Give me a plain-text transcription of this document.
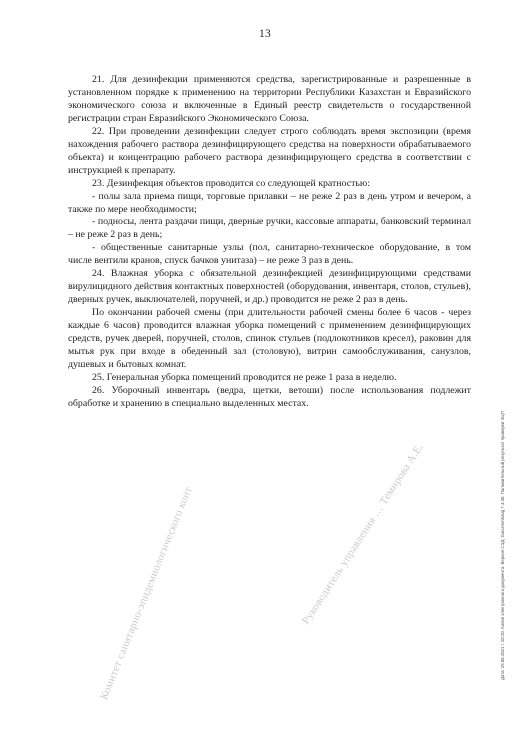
13

21. Для дезинфекции применяются средства, зарегистрированные и разрешенные в установленном порядке к применению на территории Республики Казахстан и Евразийского экономического союза и включенные в Единый реестр свидетельств о государственной регистрации стран Евразийского Экономического Союза.

22. При проведении дезинфекции следует строго соблюдать время экспозиции (время нахождения рабочего раствора дезинфицирующего средства на поверхности обрабатываемого объекта) и концентрацию рабочего раствора дезинфицирующего средства в соответствии с инструкцией к препарату.

23. Дезинфекция объектов проводится со следующей кратностью:

- полы зала приема пищи, торговые прилавки – не реже 2 раз в день утром и вечером, а также по мере необходимости;

- подносы, лента раздачи пищи, дверные ручки, кассовые аппараты, банковский терминал – не реже 2 раз в день;

- общественные санитарные узлы (пол, санитарно-техническое оборудование, в том числе вентили кранов, спуск бачков унитаза) – не реже 3 раз в день.

24. Влажная уборка с обязательной дезинфекцией дезинфицирующими средствами вирулицидного действия контактных поверхностей (оборудования, инвентаря, столов, стульев), дверных ручек, выключателей, поручней, и др.) проводится не реже 2 раз в день.

По окончании рабочей смены (при длительности рабочей смены более 6 часов - через каждые 6 часов) проводится влажная уборка помещений с применением дезинфицирующих средств, ручек дверей, поручней, столов, спинок стульев (подлокотников кресел), раковин для мытья рук при входе в обеденный зал (столовую), витрин самообслуживания, санузлов, душевых и бытовых комнат.

25. Генеральная уборка помещений проводится не реже 1 раза в неделю.

26. Уборочный инвентарь (ведра, щетки, ветоши) после использования подлежит обработке и хранению в специально выделенных местах.

Комитет санитарно-эпидемиологического конт	Руководитель управления … Темирова А.Е.	Дата: 25.08.2021 г. 20:20. Копия электронного документа. Версия СЭД: Documentolog 7.4.30. Положительный результат проверки ЭЦП
